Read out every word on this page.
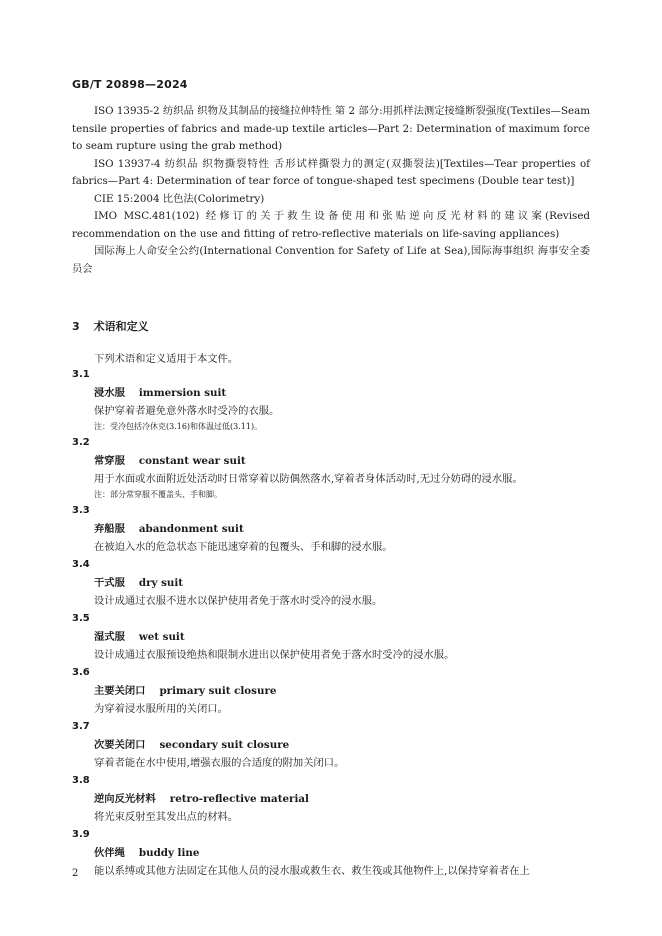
GB/T 20898—2024

ISO 13935-2 纺织品 织物及其制品的接缝拉伸特性 第 2 部分:用抓样法测定接缝断裂强度(Textiles—Seam tensile properties of fabrics and made-up textile articles—Part 2: Determination of maximum force to seam rupture using the grab method)

ISO 13937-4 纺织品 织物撕裂特性 舌形试样撕裂力的测定(双撕裂法)[Textiles—Tear properties of fabrics—Part 4: Determination of tear force of tongue-shaped test specimens (Double tear test)]

CIE 15:2004 比色法(Colorimetry)

IMO MSC.481(102) 经修订的关于救生设备使用和张贴逆向反光材料的建议案(Revised recommendation on the use and fitting of retro-reflective materials on life-saving appliances)

国际海上人命安全公约(International Convention for Safety of Life at Sea),国际海事组织 海事安全委员会

3 术语和定义
下列术语和定义适用于本文件。
3.1
浸水服 immersion suit
保护穿着者避免意外落水时受冷的衣服。
注：受冷包括冷休克(3.16)和体温过低(3.11)。
3.2
常穿服 constant wear suit
用于水面或水面附近处活动时日常穿着以防偶然落水,穿着者身体活动时,无过分妨碍的浸水服。
注：部分常穿服不覆盖头、手和脚。
3.3
弃船服 abandonment suit
在被迫入水的危急状态下能迅速穿着的包覆头、手和脚的浸水服。
3.4
干式服 dry suit
设计成通过衣服不进水以保护使用者免于落水时受冷的浸水服。
3.5
湿式服 wet suit
设计成通过衣服预设绝热和限制水进出以保护使用者免于落水时受冷的浸水服。
3.6
主要关闭口 primary suit closure
为穿着浸水服所用的关闭口。
3.7
次要关闭口 secondary suit closure
穿着者能在水中使用,增强衣服的合适度的附加关闭口。
3.8
逆向反光材料 retro-reflective material
将光束反射至其发出点的材料。
3.9
伙伴绳 buddy line
能以系缚或其他方法固定在其他人员的浸水服或救生衣、救生筏或其他物件上,以保持穿着者在上
2
